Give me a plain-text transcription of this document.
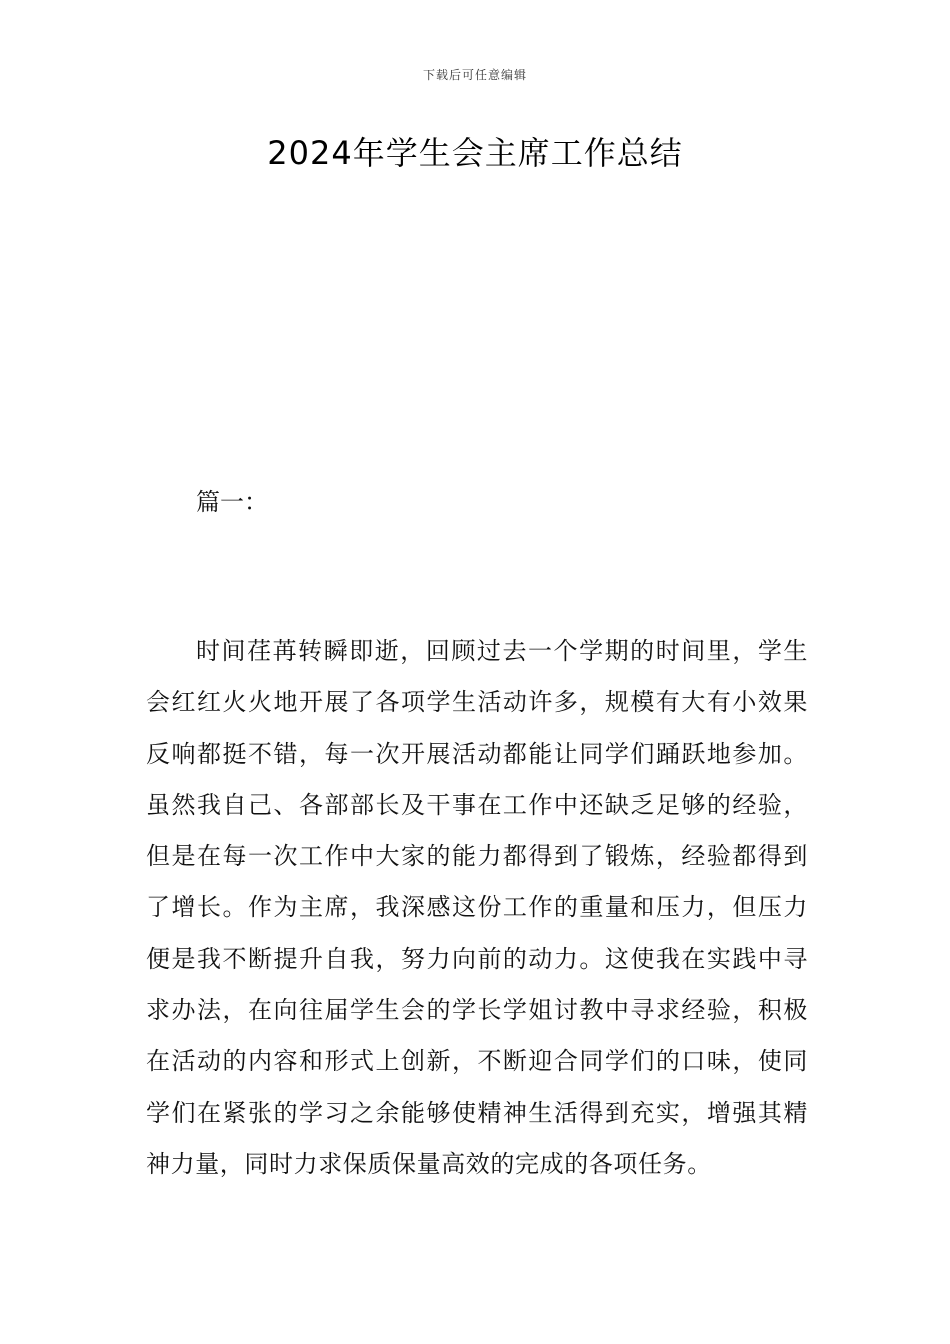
下载后可任意编辑
2024年学生会主席工作总结
篇一：

时间荏苒转瞬即逝，回顾过去一个学期的时间里，学生会红红火火地开展了各项学生活动许多，规模有大有小效果反响都挺不错，每一次开展活动都能让同学们踊跃地参加。虽然我自己、各部部长及干事在工作中还缺乏足够的经验，但是在每一次工作中大家的能力都得到了锻炼，经验都得到了增长。作为主席，我深感这份工作的重量和压力，但压力便是我不断提升自我，努力向前的动力。这使我在实践中寻求办法，在向往届学生会的学长学姐讨教中寻求经验，积极在活动的内容和形式上创新，不断迎合同学们的口味，使同学们在紧张的学习之余能够使精神生活得到充实，增强其精神力量，同时力求保质保量高效的完成的各项任务。
